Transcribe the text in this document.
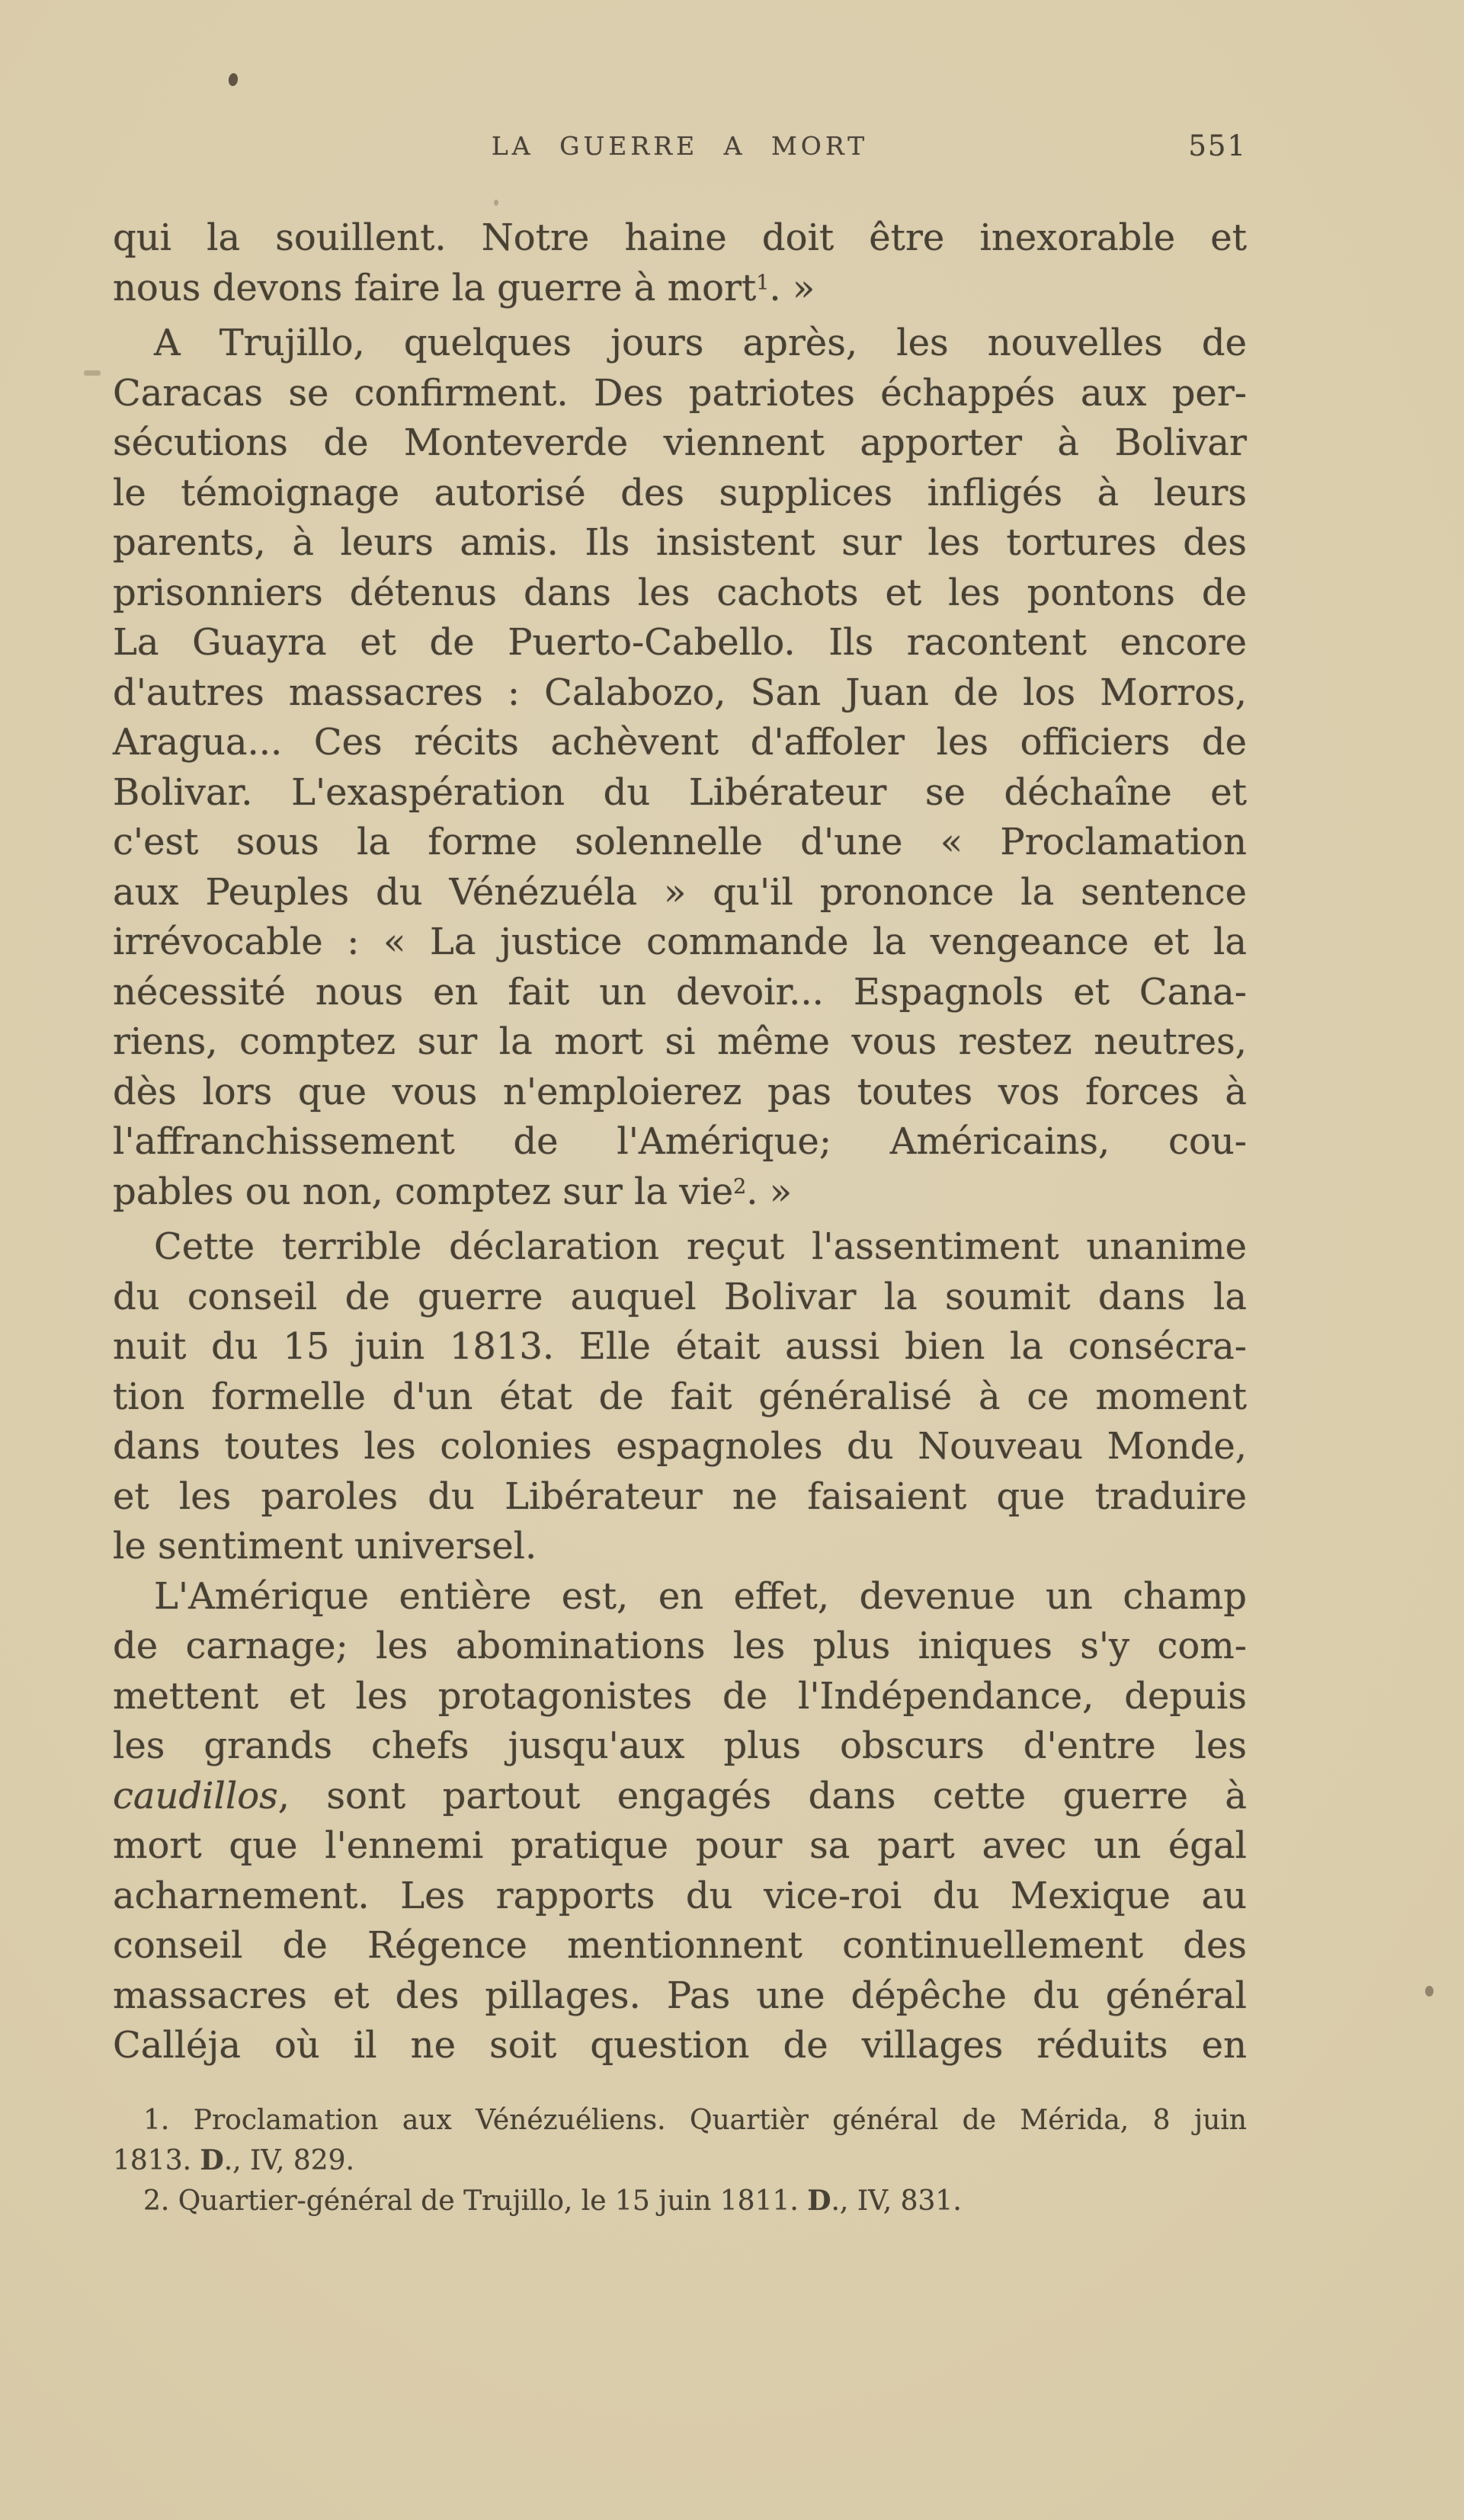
LA GUERRE A MORT	551
qui la souillent. Notre haine doit être inexorable et
nous devons faire la guerre à mort$^1$. »
A Trujillo, quelques jours après, les nouvelles de
Caracas se confirment. Des patriotes échappés aux per-
sécutions de Monteverde viennent apporter à Bolivar
le témoignage autorisé des supplices infligés à leurs
parents, à leurs amis. Ils insistent sur les tortures des
prisonniers détenus dans les cachots et les pontons de
La Guayra et de Puerto-Cabello. Ils racontent encore
d'autres massacres : Calabozo, San Juan de los Morros,
Aragua... Ces récits achèvent d'affoler les officiers de
Bolivar. L'exaspération du Libérateur se déchaîne et
c'est sous la forme solennelle d'une « Proclamation
aux Peuples du Vénézuéla » qu'il prononce la sentence
irrévocable : « La justice commande la vengeance et la
nécessité nous en fait un devoir... Espagnols et Cana-
riens, comptez sur la mort si même vous restez neutres,
dès lors que vous n'emploierez pas toutes vos forces à
l'affranchissement de l'Amérique; Américains, cou-
pables ou non, comptez sur la vie$^2$. »
Cette terrible déclaration reçut l'assentiment unanime
du conseil de guerre auquel Bolivar la soumit dans la
nuit du 15 juin 1813. Elle était aussi bien la consécra-
tion formelle d'un état de fait généralisé à ce moment
dans toutes les colonies espagnoles du Nouveau Monde,
et les paroles du Libérateur ne faisaient que traduire
le sentiment universel.
L'Amérique entière est, en effet, devenue un champ
de carnage; les abominations les plus iniques s'y com-
mettent et les protagonistes de l'Indépendance, depuis
les grands chefs jusqu'aux plus obscurs d'entre les
caudillos, sont partout engagés dans cette guerre à
mort que l'ennemi pratique pour sa part avec un égal
acharnement. Les rapports du vice-roi du Mexique au
conseil de Régence mentionnent continuellement des
massacres et des pillages. Pas une dépêche du général
Calléja où il ne soit question de villages réduits en
1. Proclamation aux Vénézuéliens. Quartièr général de Mérida, 8 juin
1813. D., IV, 829.
2. Quartier-général de Trujillo, le 15 juin 1811. D., IV, 831.
